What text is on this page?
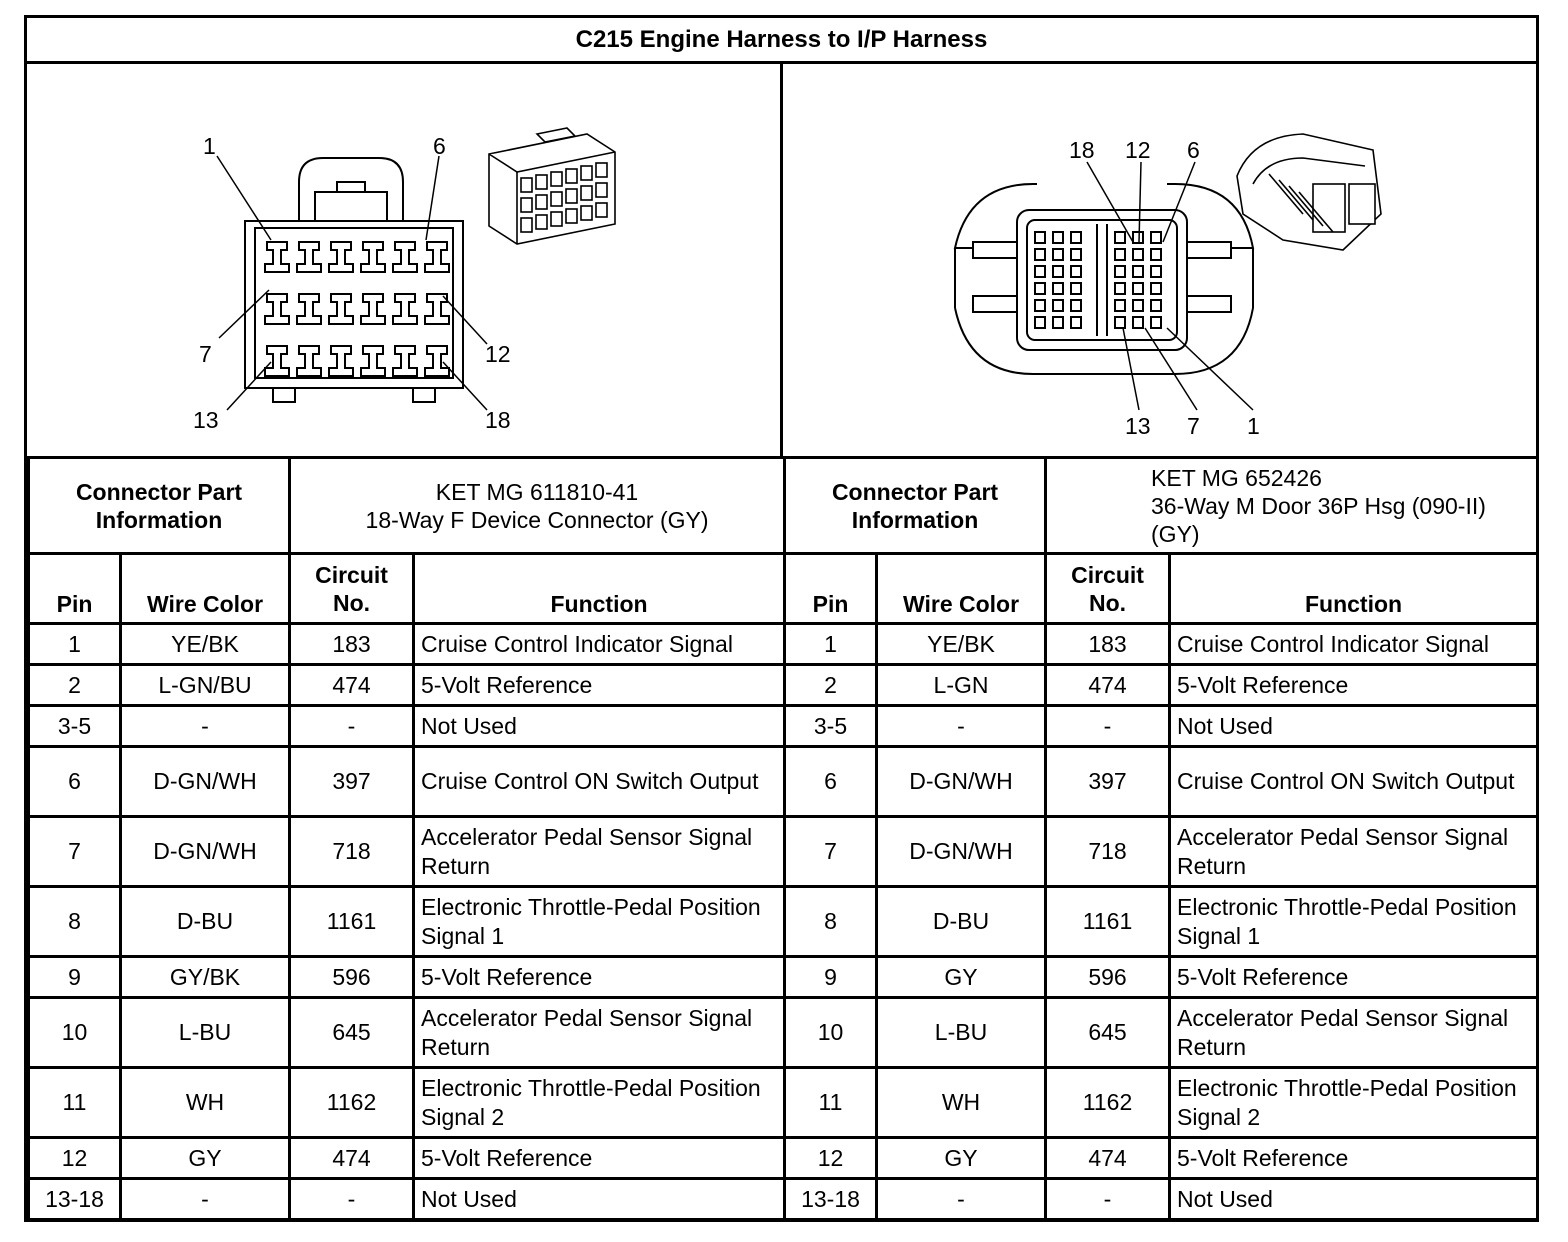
C215 Engine Harness to I/P Harness
1	6
7	12
13	18
18 12 6
13 7 1
Connector Part Information		KET MG 611810-41
18-Way F Device Connector (GY)	

Pin	Wire Color	Circuit No.	Function
1	YE/BK	183	Cruise Control Indicator Signal
2	L-GN/BU	474	5-Volt Reference
3-5	-	-	Not Used
6	D-GN/WH	397	Cruise Control ON Switch Output
7	D-GN/WH	718	Accelerator Pedal Sensor Signal Return
8	D-BU	1161	Electronic Throttle-Pedal Position Signal 1
9	GY/BK	596	5-Volt Reference
10	L-BU	645	Accelerator Pedal Sensor Signal Return
11	WH	1162	Electronic Throttle-Pedal Position Signal 2
12	GY	474	5-Volt Reference
13-18	-	-	Not Used
Connector Part Information		KET MG 652426
36-Way M Door 36P Hsg (090-II) (GY)	

Pin	Wire Color	Circuit No.	Function
1	YE/BK	183	Cruise Control Indicator Signal
2	L-GN	474	5-Volt Reference
3-5	-	-	Not Used
6	D-GN/WH	397	Cruise Control ON Switch Output
7	D-GN/WH	718	Accelerator Pedal Sensor Signal Return
8	D-BU	1161	Electronic Throttle-Pedal Position Signal 1
9	GY	596	5-Volt Reference
10	L-BU	645	Accelerator Pedal Sensor Signal Return
11	WH	1162	Electronic Throttle-Pedal Position Signal 2
12	GY	474	5-Volt Reference
13-18	-	-	Not Used
